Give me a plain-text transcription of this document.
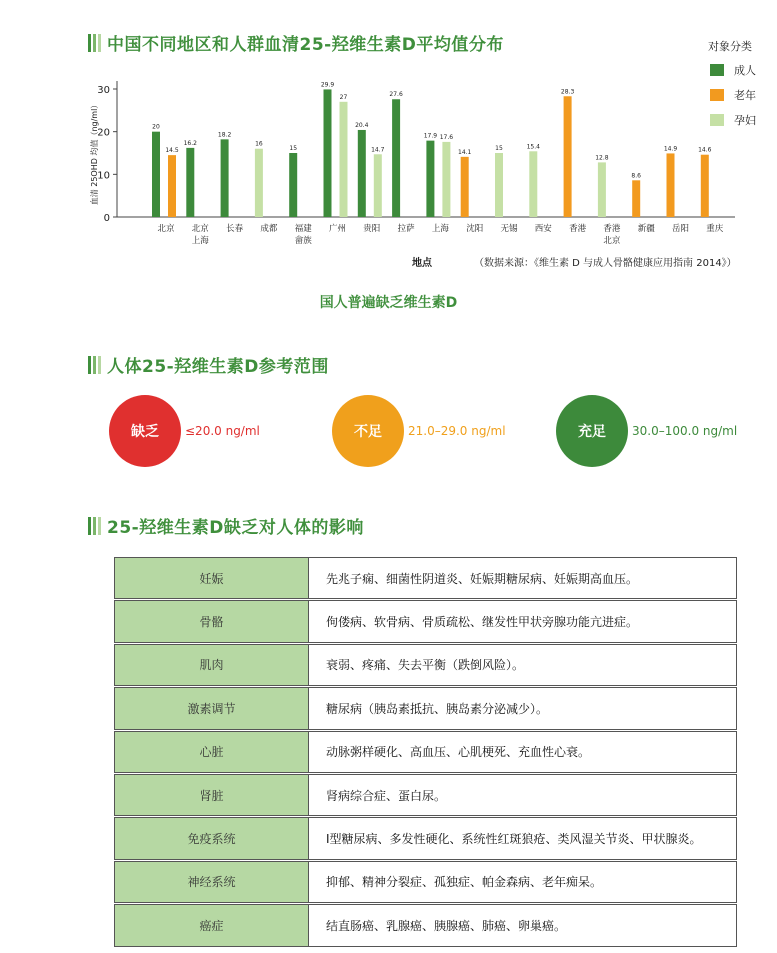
中国不同地区和人群血清25-羟维生素D平均值分布	对象分类
成人
老年
孕妇
0
10
20
30
血清 25OHD 均值（ng/ml）
北京 北京
上海
长春 成都 福建
畲族
广州 贵阳 拉萨 上海 沈阳 无锡 西安 香港 香港
北京
新疆 岳阳 重庆
20
14.5
16.2
18.2
16
15
29.9
27
20.4
14.7
27.6
17.9 17.6
14.1
15	15.4
28.3
12.8
8.6
14.9	14.6
地点	（数据来源：《维生素 D 与成人骨骼健康应用指南 2014》）
国人普遍缺乏维生素D
人体25-羟维生素D参考范围
缺乏	≤20.0 ng/ml	不足	21.0–29.0 ng/ml	充足	30.0–100.0 ng/ml
25-羟维生素D缺乏对人体的影响
妊娠	先兆子痫、细菌性阴道炎、妊娠期糖尿病、妊娠期高血压。

骨骼	佝偻病、软骨病、骨质疏松、继发性甲状旁腺功能亢进症。

肌肉	衰弱、疼痛、失去平衡（跌倒风险）。

激素调节	糖尿病（胰岛素抵抗、胰岛素分泌减少）。

心脏	动脉粥样硬化、高血压、心肌梗死、充血性心衰。

肾脏	肾病综合症、蛋白尿。

免疫系统	Ⅰ型糖尿病、多发性硬化、系统性红斑狼疮、类风湿关节炎、甲状腺炎。

神经系统	抑郁、精神分裂症、孤独症、帕金森病、老年痴呆。

癌症	结直肠癌、乳腺癌、胰腺癌、肺癌、卵巢癌。
